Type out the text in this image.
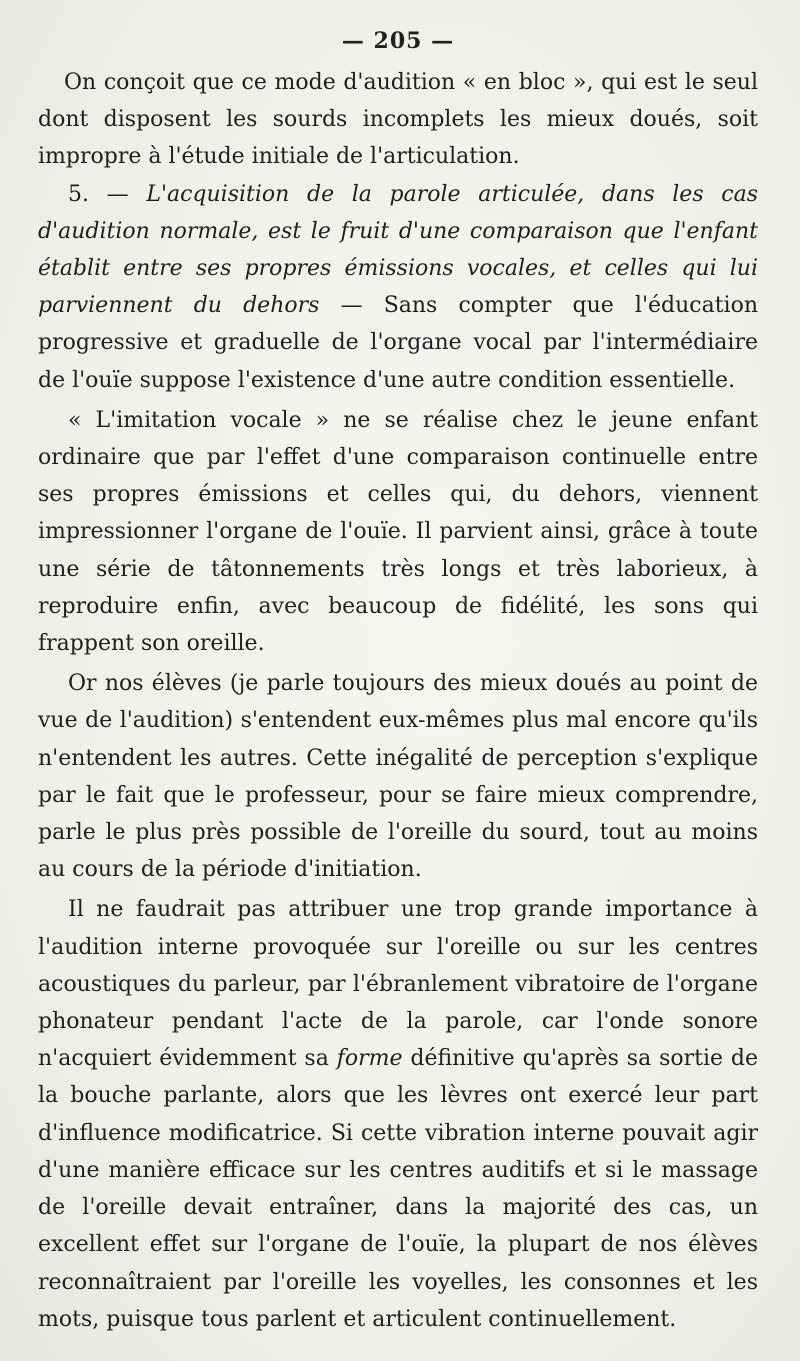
— 205 —

On conçoit que ce mode d'audition « en bloc », qui est le seul dont disposent les sourds incomplets les mieux doués, soit impropre à l'étude initiale de l'articulation.

5. — L'acquisition de la parole articulée, dans les cas d'audition normale, est le fruit d'une comparaison que l'enfant établit entre ses propres émissions vocales, et celles qui lui parviennent du dehors — Sans compter que l'éducation progressive et graduelle de l'organe vocal par l'intermédiaire de l'ouïe suppose l'existence d'une autre condition essentielle.

« L'imitation vocale » ne se réalise chez le jeune enfant ordinaire que par l'effet d'une comparaison continuelle entre ses propres émissions et celles qui, du dehors, viennent impressionner l'organe de l'ouïe. Il parvient ainsi, grâce à toute une série de tâtonnements très longs et très laborieux, à reproduire enfin, avec beaucoup de fidélité, les sons qui frappent son oreille.

Or nos élèves (je parle toujours des mieux doués au point de vue de l'audition) s'entendent eux-mêmes plus mal encore qu'ils n'entendent les autres. Cette inégalité de perception s'explique par le fait que le professeur, pour se faire mieux comprendre, parle le plus près possible de l'oreille du sourd, tout au moins au cours de la période d'initiation.

Il ne faudrait pas attribuer une trop grande importance à l'audition interne provoquée sur l'oreille ou sur les centres acoustiques du parleur, par l'ébranlement vibratoire de l'organe phonateur pendant l'acte de la parole, car l'onde sonore n'acquiert évidemment sa forme définitive qu'après sa sortie de la bouche parlante, alors que les lèvres ont exercé leur part d'influence modificatrice. Si cette vibration interne pouvait agir d'une manière efficace sur les centres auditifs et si le massage de l'oreille devait entraîner, dans la majorité des cas, un excellent effet sur l'organe de l'ouïe, la plupart de nos élèves reconnaîtraient par l'oreille les voyelles, les consonnes et les mots, puisque tous parlent et articulent continuellement.
